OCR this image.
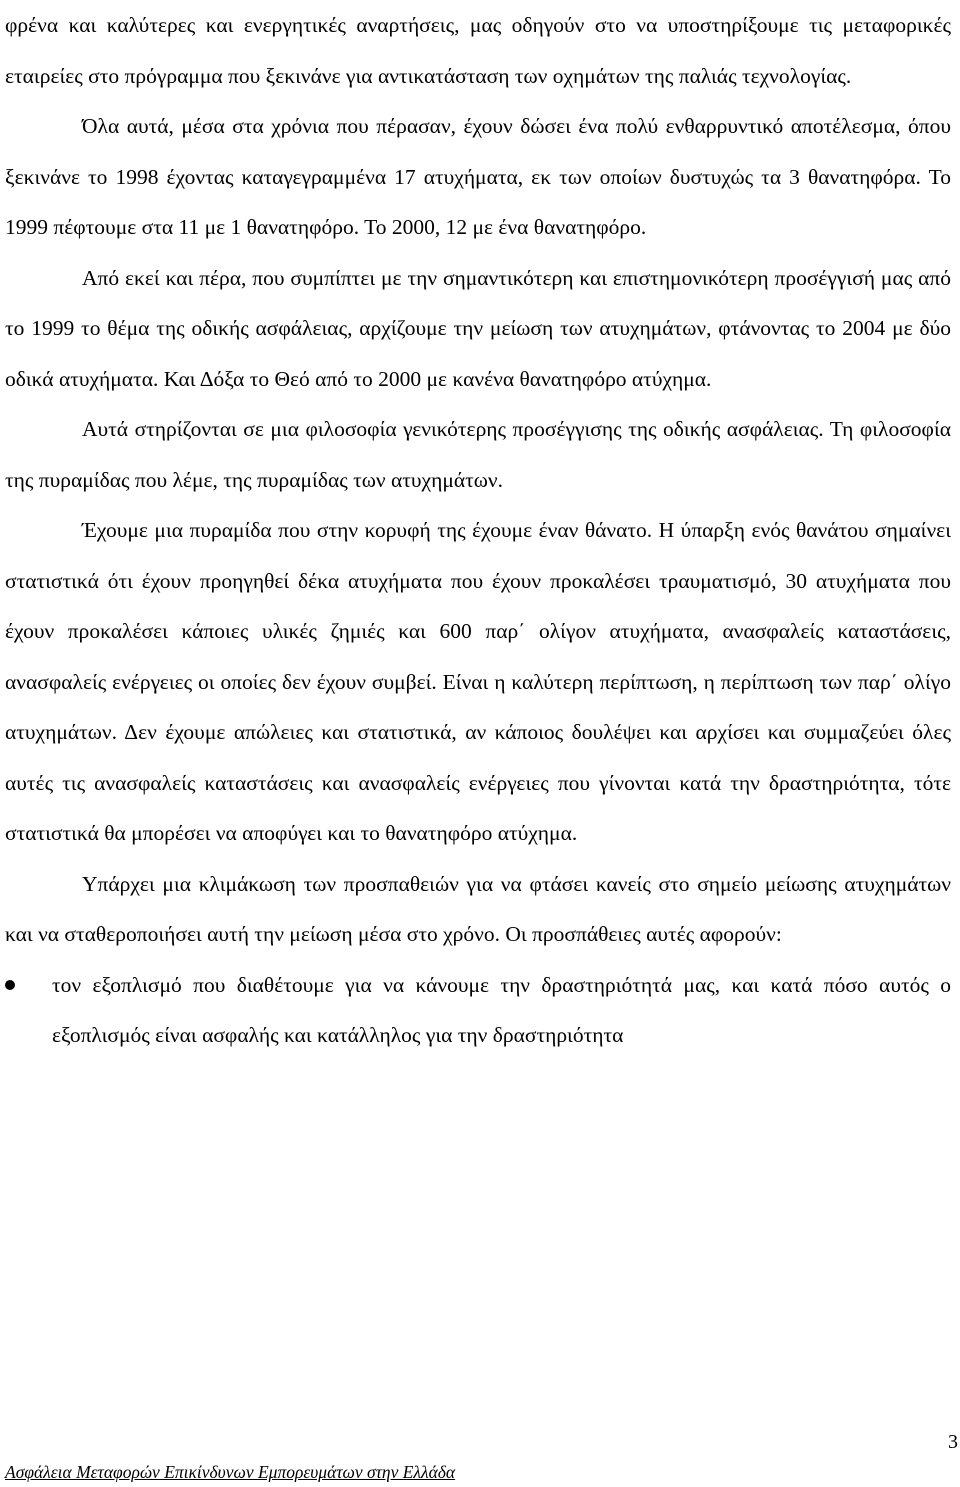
φρένα και καλύτερες και ενεργητικές αναρτήσεις, μας οδηγούν στο να υποστηρίξουμε τις μεταφορικές εταιρείες στο πρόγραμμα που ξεκινάνε για αντικατάσταση των οχημάτων της παλιάς τεχνολογίας.

Όλα αυτά, μέσα στα χρόνια που πέρασαν, έχουν δώσει ένα πολύ ενθαρρυντικό αποτέλεσμα, όπου ξεκινάνε το 1998 έχοντας καταγεγραμμένα 17 ατυχήματα, εκ των οποίων δυστυχώς τα 3 θανατηφόρα. Το 1999 πέφτουμε στα 11 με 1 θανατηφόρο. Το 2000, 12 με ένα θανατηφόρο.

Από εκεί και πέρα, που συμπίπτει με την σημαντικότερη και επιστημονικότερη προσέγγισή μας από το 1999 το θέμα της οδικής ασφάλειας, αρχίζουμε την μείωση των ατυχημάτων, φτάνοντας το 2004 με δύο οδικά ατυχήματα. Και Δόξα το Θεό από το 2000 με κανένα θανατηφόρο ατύχημα.

Αυτά στηρίζονται σε μια φιλοσοφία γενικότερης προσέγγισης της οδικής ασφάλειας. Τη φιλοσοφία της πυραμίδας που λέμε, της πυραμίδας των ατυχημάτων.

Έχουμε μια πυραμίδα που στην κορυφή της έχουμε έναν θάνατο. Η ύπαρξη ενός θανάτου σημαίνει στατιστικά ότι έχουν προηγηθεί δέκα ατυχήματα που έχουν προκαλέσει τραυματισμό, 30 ατυχήματα που έχουν προκαλέσει κάποιες υλικές ζημιές και 600 παρ΄ ολίγον ατυχήματα, ανασφαλείς καταστάσεις, ανασφαλείς ενέργειες οι οποίες δεν έχουν συμβεί. Είναι η καλύτερη περίπτωση, η περίπτωση των παρ΄ ολίγο ατυχημάτων. Δεν έχουμε απώλειες και στατιστικά, αν κάποιος δουλέψει και αρχίσει και συμμαζεύει όλες αυτές τις ανασφαλείς καταστάσεις και ανασφαλείς ενέργειες που γίνονται κατά την δραστηριότητα, τότε στατιστικά θα μπορέσει να αποφύγει και το θανατηφόρο ατύχημα.

Υπάρχει μια κλιμάκωση των προσπαθειών για να φτάσει κανείς στο σημείο μείωσης ατυχημάτων και να σταθεροποιήσει αυτή την μείωση μέσα στο χρόνο. Οι προσπάθειες αυτές αφορούν:

τον εξοπλισμό που διαθέτουμε για να κάνουμε την δραστηριότητά μας, και κατά πόσο αυτός ο εξοπλισμός είναι ασφαλής και κατάλληλος για την δραστηριότητα
3
Ασφάλεια Μεταφορών Επικίνδυνων Εμπορευμάτων στην Ελλάδα
